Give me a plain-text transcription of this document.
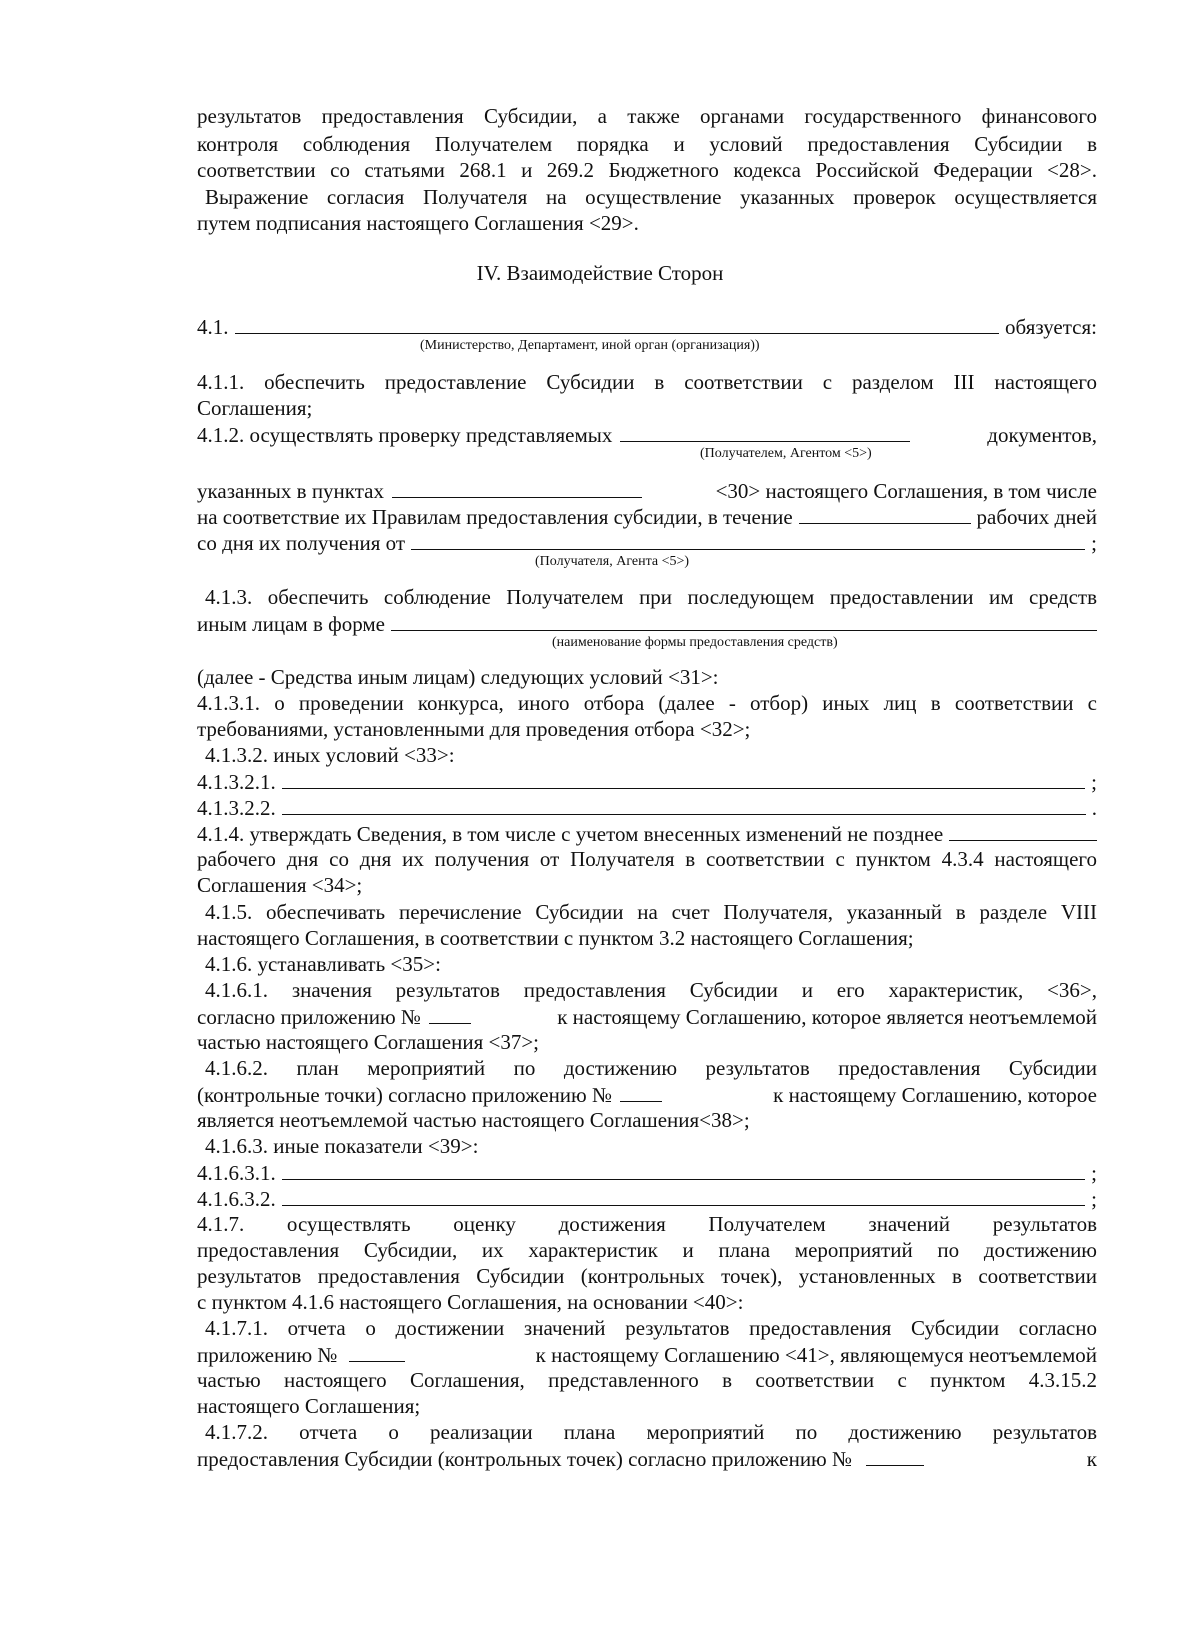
результатов предоставления Субсидии, а также органами государственного финансового
контроля соблюдения Получателем порядка и условий предоставления Субсидии в
соответствии со статьями 268.1 и 269.2 Бюджетного кодекса Российской Федерации <28>.
Выражение согласия Получателя на осуществление указанных проверок осуществляется
путем подписания настоящего Соглашения <29>.
IV. Взаимодействие Сторон
4.1.	обязуется:
(Министерство, Департамент, иной орган (организация))
4.1.1. обеспечить предоставление Субсидии в соответствии с разделом III настоящего
Соглашения;
4.1.2. осуществлять проверку представляемых	документов,
(Получателем, Агентом <5>)
указанных в пунктах	<30> настоящего Соглашения, в том числе
на соответствие их Правилам предоставления субсидии, в течение	рабочих дней
со дня их получения от	;
(Получателя, Агента <5>)
4.1.3. обеспечить соблюдение Получателем при последующем предоставлении им средств
иным лицам в форме
(наименование формы предоставления средств)
(далее - Средства иным лицам) следующих условий <31>:
4.1.3.1. о проведении конкурса, иного отбора (далее - отбор) иных лиц в соответствии с
требованиями, установленными для проведения отбора <32>;
4.1.3.2. иных условий <33>:
4.1.3.2.1.	;
4.1.3.2.2.	.
4.1.4. утверждать Сведения, в том числе с учетом внесенных изменений не позднее
рабочего дня со дня их получения от Получателя в соответствии с пунктом 4.3.4 настоящего
Соглашения <34>;
4.1.5. обеспечивать перечисление Субсидии на счет Получателя, указанный в разделе VIII
настоящего Соглашения, в соответствии с пунктом 3.2 настоящего Соглашения;
4.1.6. устанавливать <35>:
4.1.6.1. значения результатов предоставления Субсидии и его характеристик, <36>,
согласно приложению №	к настоящему Соглашению, которое является неотъемлемой
частью настоящего Соглашения <37>;
4.1.6.2. план мероприятий по достижению результатов предоставления Субсидии
(контрольные точки) согласно приложению №	к настоящему Соглашению, которое
является неотъемлемой частью настоящего Соглашения<38>;
4.1.6.3. иные показатели <39>:
4.1.6.3.1.	;
4.1.6.3.2.	;
4.1.7. осуществлять оценку достижения Получателем значений результатов
предоставления Субсидии, их характеристик и плана мероприятий по достижению
результатов предоставления Субсидии (контрольных точек), установленных в соответствии
с пунктом 4.1.6 настоящего Соглашения, на основании <40>:
4.1.7.1. отчета о достижении значений результатов предоставления Субсидии согласно
приложению №	к настоящему Соглашению <41>, являющемуся неотъемлемой
частью настоящего Соглашения, представленного в соответствии с пунктом 4.3.15.2
настоящего Соглашения;
4.1.7.2. отчета о реализации плана мероприятий по достижению результатов
предоставления Субсидии (контрольных точек) согласно приложению №	к
